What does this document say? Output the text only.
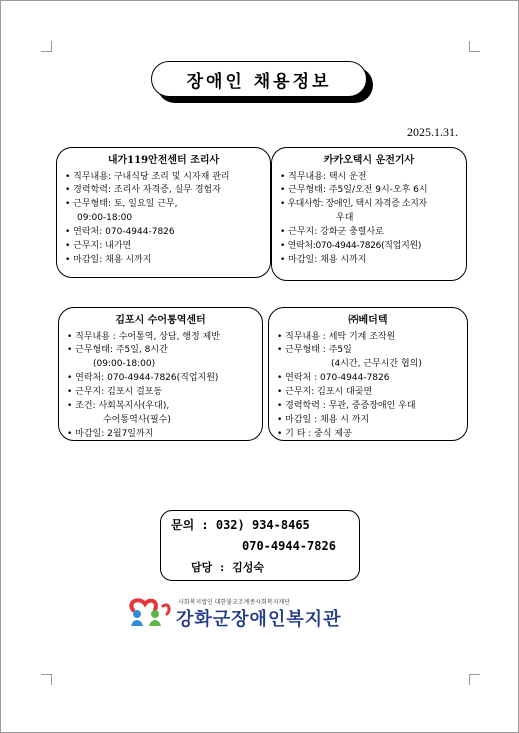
장애인 채용정보
2025.1.31.
내가119안전센터 조리사
• 직무내용: 구내식당 조리 및 시자재 관리
• 경력학력: 조리사 자격증, 실무 경험자
• 근무형태: 토, 일요일 근무,
09:00-18:00
• 연락처: 070-4944-7826
• 근무지: 내가면
• 마감일: 채용 시까지
카카오택시 운전기사
• 직무내용: 택시 운전
• 근무형태: 주5일/오전 9시-오후 6시
• 우대사항: 장애인, 택시 자격증 소지자
우대
• 근무지: 강화군 충렬사로
• 연락처:070-4944-7826(직업지원)
• 마감일: 채용 시까지
김포시 수어통역센터
• 직무내용 : 수어통역, 상담, 행정 제반
• 근무형태: 주5일, 8시간
(09:00-18:00)
• 연락처: 070-4944-7826(직업지원)
• 근무지: 김포시 걸포동
• 조건: 사회복지사(우대),
수어통역사(필수)
• 마감일: 2월7일까지
㈜베더텍
• 직무내용 : 세탁 기계 조작원
• 근무형태 : 주5일
(4시간, 근무시간 협의)
• 연락처 : 070-4944-7826
• 근무지: 김포시 대곶면
• 경력학력 : 무관, 중증장애인 우대
• 마감일 : 채용 시 까지
• 기 타 : 중식 제공
문의 : 032) 934-8465
070-4944-7826
담당 : 김성숙
사회복지법인 대한불교조계종사회복지재단
강화군장애인복지관
